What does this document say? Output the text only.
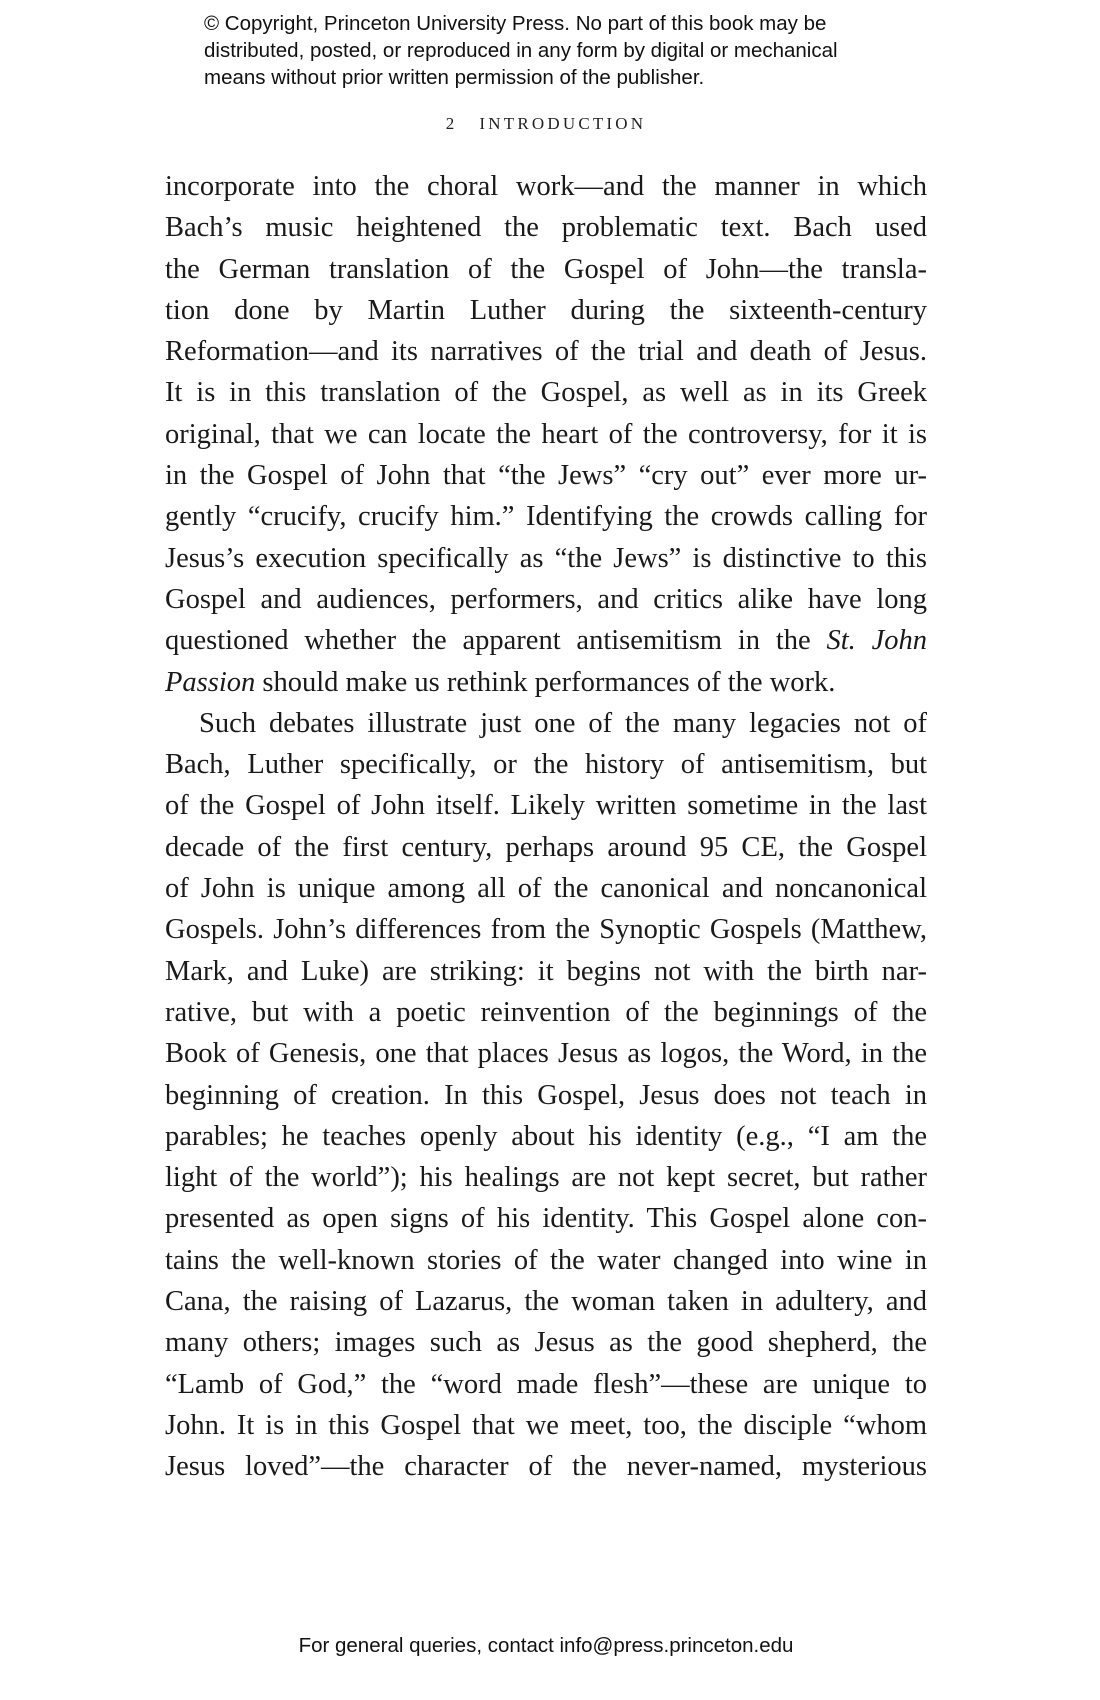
© Copyright, Princeton University Press. No part of this book may be
distributed, posted, or reproduced in any form by digital or mechanical
means without prior written permission of the publisher.
2 INTRODUCTION
incorporate into the choral work—and the manner in which
Bach’s music heightened the problematic text. Bach used
the German translation of the Gospel of John—the transla-
tion done by Martin Luther during the sixteenth-century
Reformation—and its narratives of the trial and death of Jesus.
It is in this translation of the Gospel, as well as in its Greek
original, that we can locate the heart of the controversy, for it is
in the Gospel of John that “the Jews” “cry out” ever more ur-
gently “crucify, crucify him.” Identifying the crowds calling for
Jesus’s execution specifically as “the Jews” is distinctive to this
Gospel and audiences, performers, and critics alike have long
questioned whether the apparent antisemitism in the St. John
Passion should make us rethink performances of the work.
Such debates illustrate just one of the many legacies not of
Bach, Luther specifically, or the history of antisemitism, but
of the Gospel of John itself. Likely written sometime in the last
decade of the first century, perhaps around 95 CE, the Gospel
of John is unique among all of the canonical and noncanonical
Gospels. John’s differences from the Synoptic Gospels (Matthew,
Mark, and Luke) are striking: it begins not with the birth nar-
rative, but with a poetic reinvention of the beginnings of the
Book of Genesis, one that places Jesus as logos, the Word, in the
beginning of creation. In this Gospel, Jesus does not teach in
parables; he teaches openly about his identity (e.g., “I am the
light of the world”); his healings are not kept secret, but rather
presented as open signs of his identity. This Gospel alone con-
tains the well-known stories of the water changed into wine in
Cana, the raising of Lazarus, the woman taken in adultery, and
many others; images such as Jesus as the good shepherd, the
“Lamb of God,” the “word made flesh”—these are unique to
John. It is in this Gospel that we meet, too, the disciple “whom
Jesus loved”—the character of the never-named, mysterious
For general queries, contact info@press.princeton.edu
